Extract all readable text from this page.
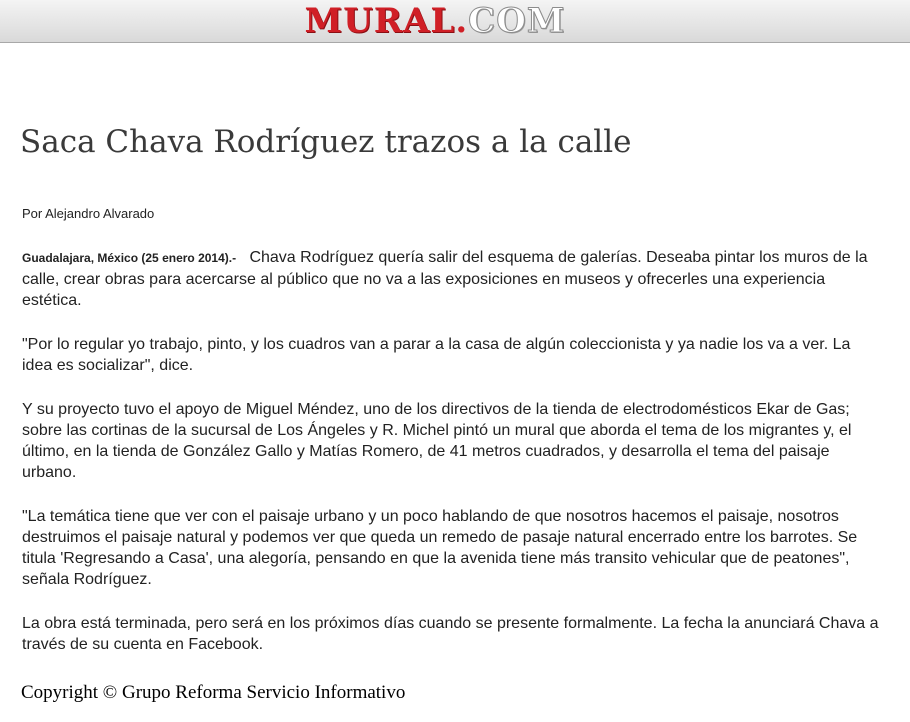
MURAL.COM
Saca Chava Rodríguez trazos a la calle
Por Alejandro Alvarado

Guadalajara, México (25 enero 2014).- Chava Rodríguez quería salir del esquema de galerías. Deseaba pintar los muros de la calle, crear obras para acercarse al público que no va a las exposiciones en museos y ofrecerles una experiencia estética.

"Por lo regular yo trabajo, pinto, y los cuadros van a parar a la casa de algún coleccionista y ya nadie los va a ver. La idea es socializar", dice.

Y su proyecto tuvo el apoyo de Miguel Méndez, uno de los directivos de la tienda de electrodomésticos Ekar de Gas; sobre las cortinas de la sucursal de Los Ángeles y R. Michel pintó un mural que aborda el tema de los migrantes y, el último, en la tienda de González Gallo y Matías Romero, de 41 metros cuadrados, y desarrolla el tema del paisaje urbano.

"La temática tiene que ver con el paisaje urbano y un poco hablando de que nosotros hacemos el paisaje, nosotros destruimos el paisaje natural y podemos ver que queda un remedo de pasaje natural encerrado entre los barrotes. Se titula 'Regresando a Casa', una alegoría, pensando en que la avenida tiene más transito vehicular que de peatones", señala Rodríguez.

La obra está terminada, pero será en los próximos días cuando se presente formalmente. La fecha la anunciará Chava a través de su cuenta en Facebook.

Copyright © Grupo Reforma Servicio Informativo
